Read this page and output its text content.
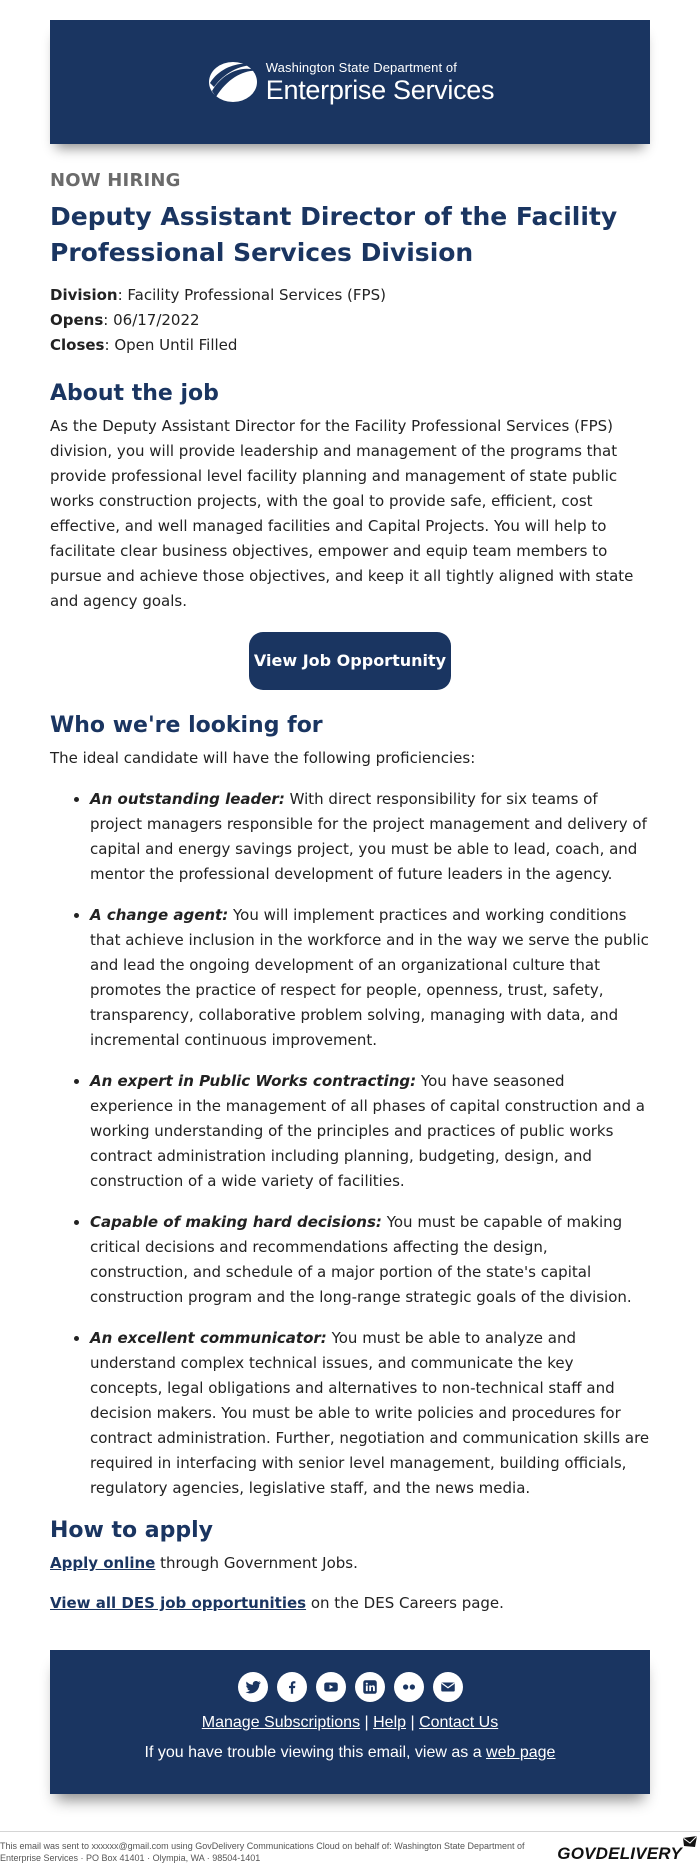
Washington State Department of
Enterprise Services
NOW HIRING
Deputy Assistant Director of the Facility Professional Services Division
Division: Facility Professional Services (FPS)
Opens: 06/17/2022
Closes: Open Until Filled
About the job

As the Deputy Assistant Director for the Facility Professional Services (FPS) division, you will provide leadership and management of the programs that provide professional level facility planning and management of state public works construction projects, with the goal to provide safe, efficient, cost effective, and well managed facilities and Capital Projects. You will help to facilitate clear business objectives, empower and equip team members to pursue and achieve those objectives, and keep it all tightly aligned with state and agency goals.

View Job Opportunity
Who we're looking for

The ideal candidate will have the following proficiencies:

• An outstanding leader: With direct responsibility for six teams of project managers responsible for the project management and delivery of capital and energy savings project, you must be able to lead, coach, and mentor the professional development of future leaders in the agency.
• A change agent: You will implement practices and working conditions that achieve inclusion in the workforce and in the way we serve the public and lead the ongoing development of an organizational culture that promotes the practice of respect for people, openness, trust, safety, transparency, collaborative problem solving, managing with data, and incremental continuous improvement.
• An expert in Public Works contracting: You have seasoned experience in the management of all phases of capital construction and a working understanding of the principles and practices of public works contract administration including planning, budgeting, design, and construction of a wide variety of facilities.
• Capable of making hard decisions: You must be capable of making critical decisions and recommendations affecting the design, construction, and schedule of a major portion of the state's capital construction program and the long-range strategic goals of the division.
• An excellent communicator: You must be able to analyze and understand complex technical issues, and communicate the key concepts, legal obligations and alternatives to non-technical staff and decision makers. You must be able to write policies and procedures for contract administration. Further, negotiation and communication skills are required in interfacing with senior level management, building officials, regulatory agencies, legislative staff, and the news media.
How to apply

Apply online through Government Jobs.

View all DES job opportunities on the DES Careers page.

Manage Subscriptions | Help | Contact Us
If you have trouble viewing this email, view as a web page
This email was sent to xxxxxx@gmail.com using GovDelivery Communications Cloud on behalf of: Washington State Department of
Enterprise Services · PO Box 41401 · Olympia, WA · 98504-1401	GOVDELIVERY
